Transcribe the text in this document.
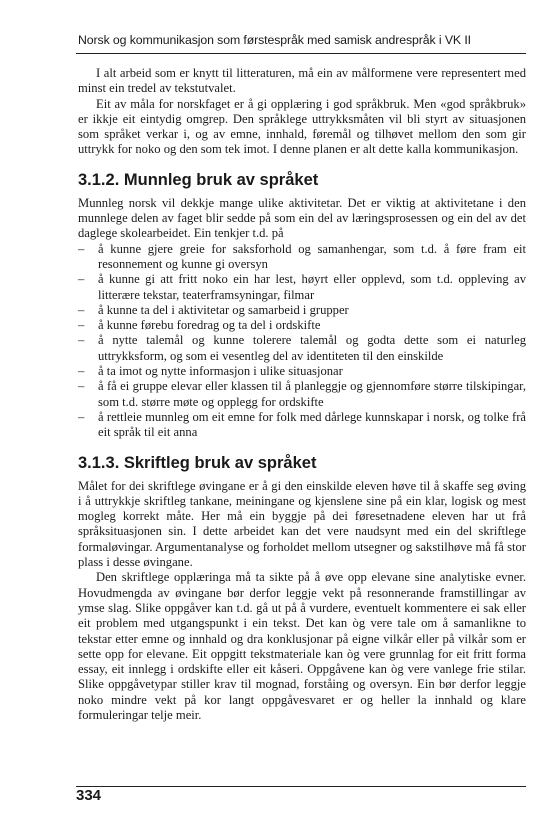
Norsk og kommunikasjon som førstespråk med samisk andrespråk i VK II

I alt arbeid som er knytt til litteraturen, må ein av målformene vere representert med minst ein tredel av tekstutvalet.

Eit av måla for norskfaget er å gi opplæring i god språkbruk. Men «god språkbruk» er ikkje eit eintydig omgrep. Den språklege uttrykksmåten vil bli styrt av situasjonen som språket verkar i, og av emne, innhald, føremål og tilhøvet mellom den som gir uttrykk for noko og den som tek imot. I denne planen er alt dette kalla kommunikasjon.

3.1.2. Munnleg bruk av språket

Munnleg norsk vil dekkje mange ulike aktivitetar. Det er viktig at aktivitetane i den munnlege delen av faget blir sedde på som ein del av læringsprosessen og ein del av det daglege skolearbeidet. Ein tenkjer t.d. på

– å kunne gjere greie for saksforhold og samanhengar, som t.d. å føre fram eit resonnement og kunne gi oversyn
– å kunne gi att fritt noko ein har lest, høyrt eller opplevd, som t.d. oppleving av litterære tekstar, teaterframsyningar, filmar
– å kunne ta del i aktivitetar og samarbeid i grupper
– å kunne førebu foredrag og ta del i ordskifte
– å nytte talemål og kunne tolerere talemål og godta dette som ei naturleg uttrykksform, og som ei vesentleg del av identiteten til den einskilde
– å ta imot og nytte informasjon i ulike situasjonar
– å få ei gruppe elevar eller klassen til å planleggje og gjennomføre større tilskipingar, som t.d. større møte og opplegg for ordskifte
– å rettleie munnleg om eit emne for folk med dårlege kunnskapar i norsk, og tolke frå eit språk til eit anna
3.1.3. Skriftleg bruk av språket

Målet for dei skriftlege øvingane er å gi den einskilde eleven høve til å skaffe seg øving i å uttrykkje skriftleg tankane, meiningane og kjenslene sine på ein klar, logisk og mest mogleg korrekt måte. Her må ein byggje på dei føresetnadene eleven har ut frå språksituasjonen sin. I dette arbeidet kan det vere naudsynt med ein del skriftlege formaløvingar. Argumentanalyse og forholdet mellom utsegner og sakstilhøve må få stor plass i desse øvingane.

Den skriftlege opplæringa må ta sikte på å øve opp elevane sine analytiske evner. Hovudmengda av øvingane bør derfor leggje vekt på resonnerande framstillingar av ymse slag. Slike oppgåver kan t.d. gå ut på å vurdere, eventuelt kommentere ei sak eller eit problem med utgangspunkt i ein tekst. Det kan òg vere tale om å samanlikne to tekstar etter emne og innhald og dra konklusjonar på eigne vilkår eller på vilkår som er sette opp for elevane. Eit oppgitt tekstmateriale kan òg vere grunnlag for eit fritt forma essay, eit innlegg i ordskifte eller eit kåseri. Oppgåvene kan òg vere vanlege frie stilar. Slike oppgåvetypar stiller krav til mognad, forståing og oversyn. Ein bør derfor leggje noko mindre vekt på kor langt oppgåvesvaret er og heller la innhald og klare formuleringar telje meir.

334
